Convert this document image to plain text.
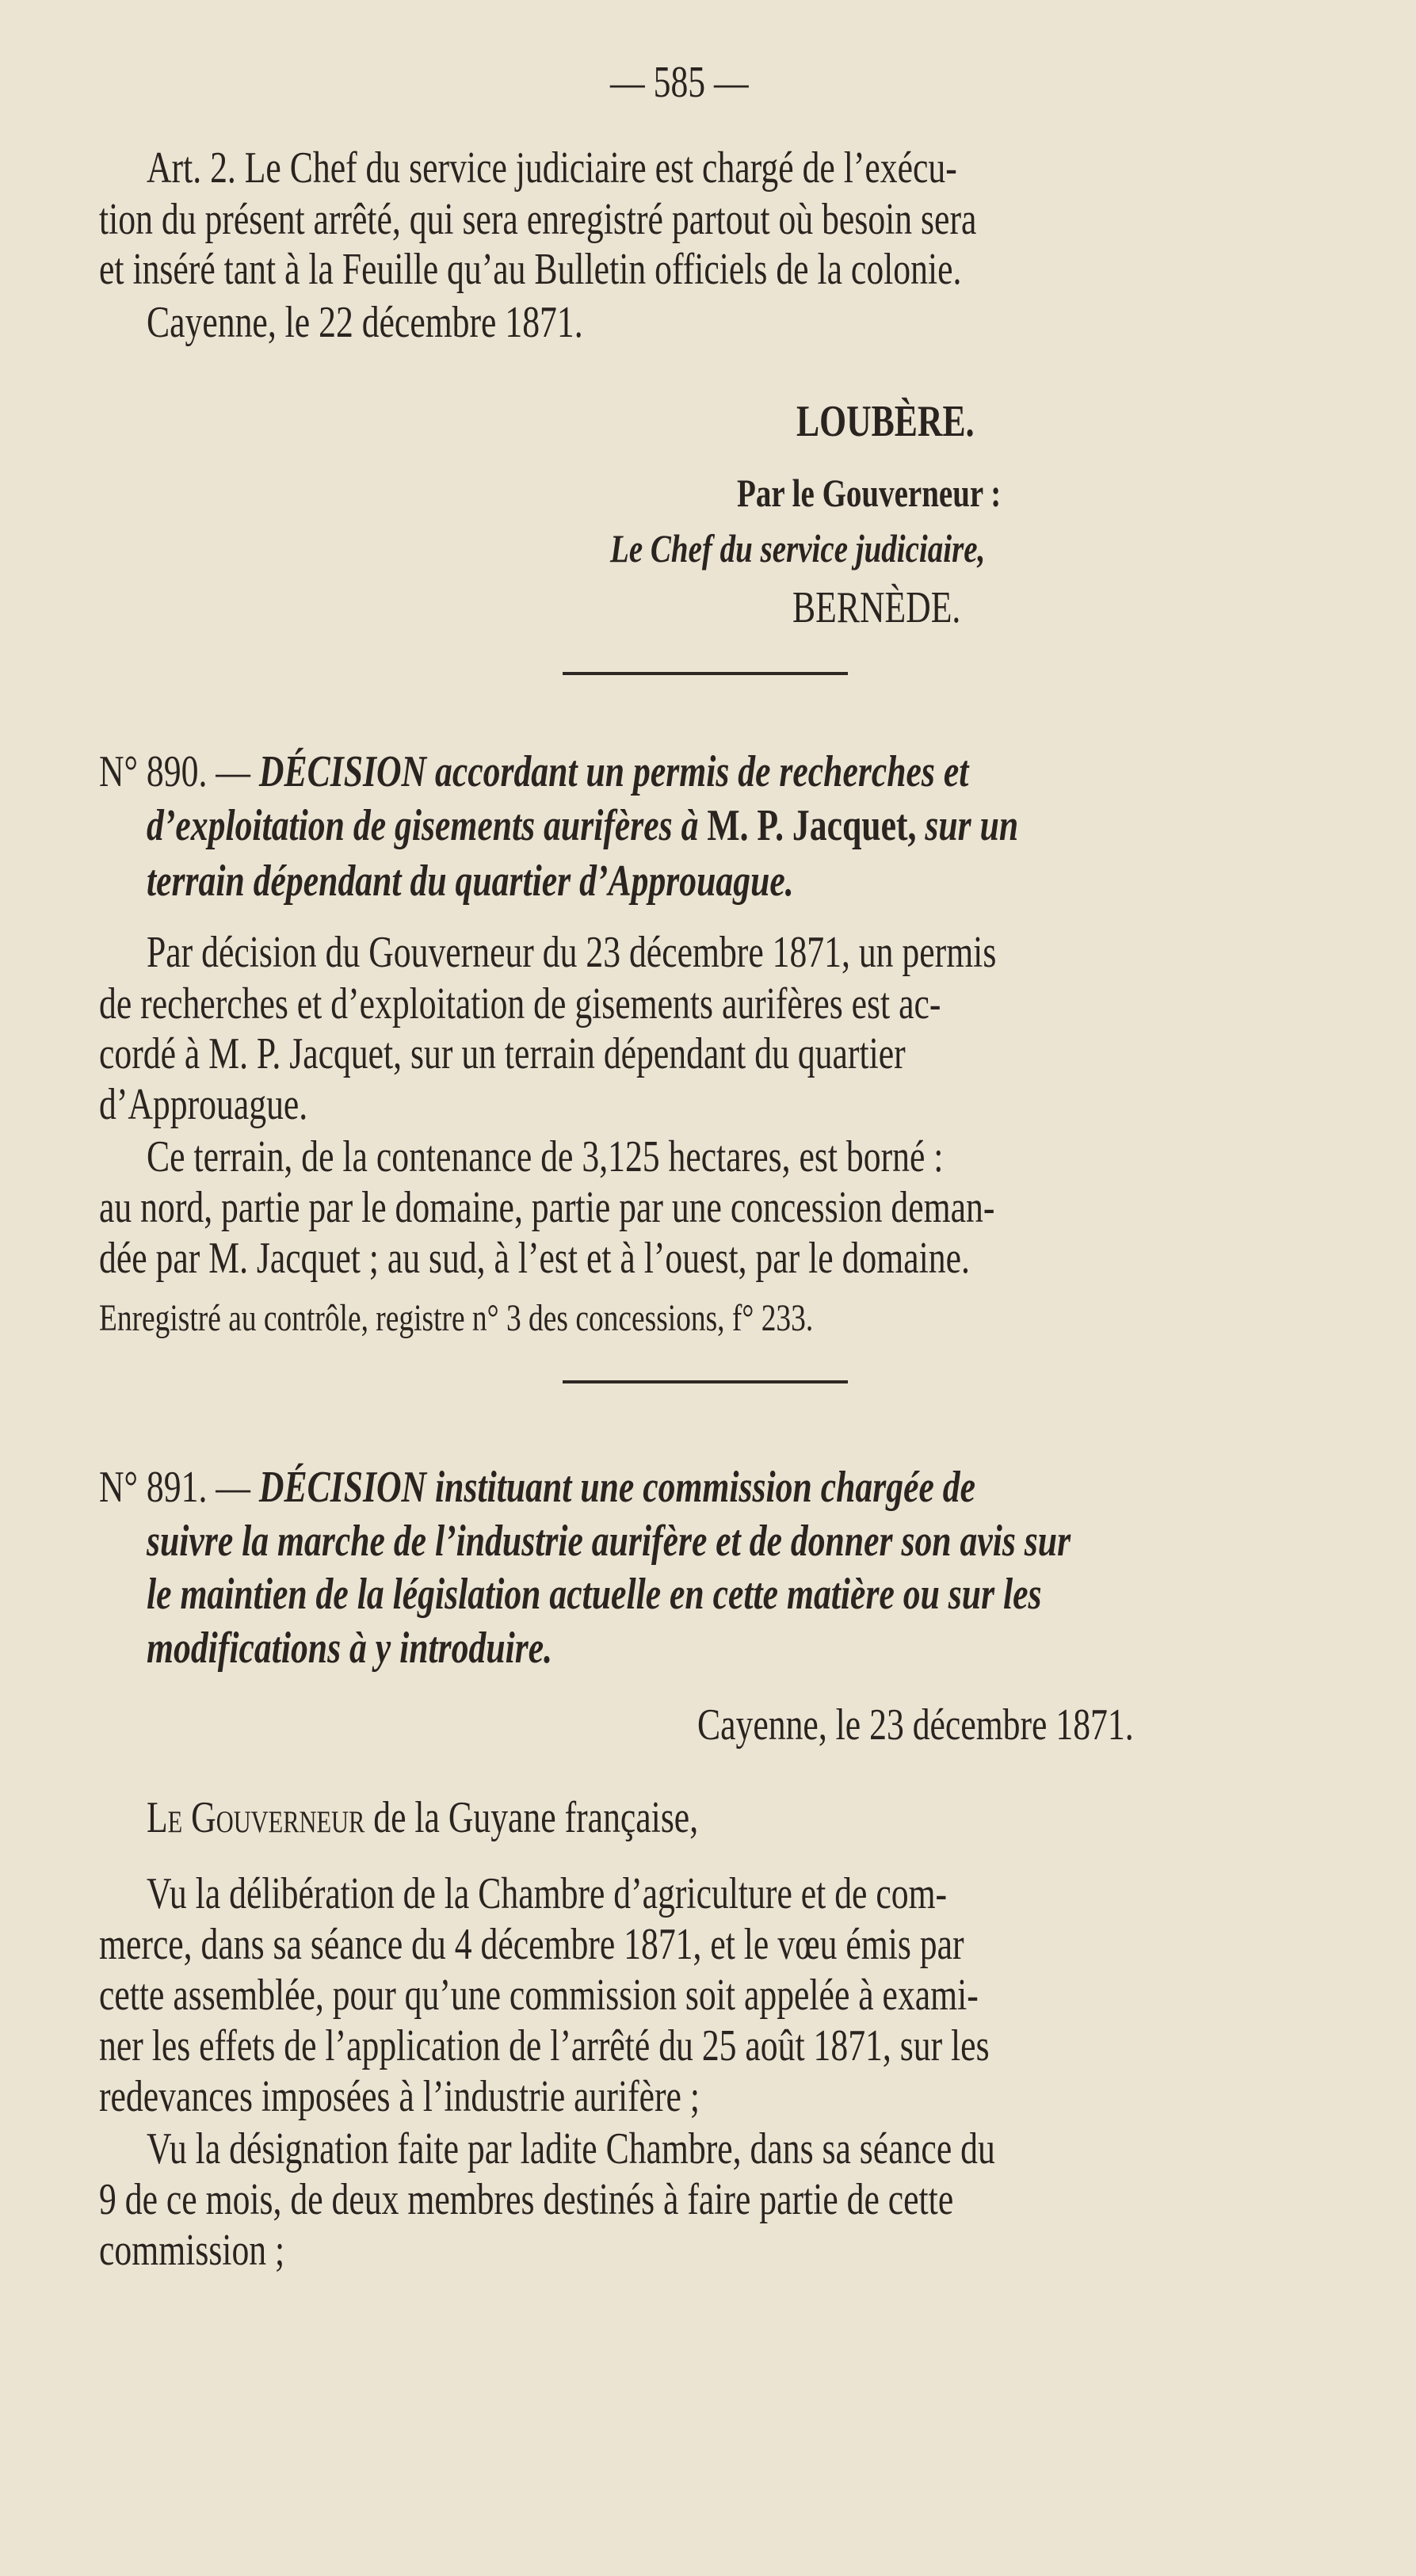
— 585 —
Art. 2. Le Chef du service judiciaire est chargé de l’exécu-
tion du présent arrêté, qui sera enregistré partout où besoin sera
et inséré tant à la Feuille qu’au Bulletin officiels de la colonie.
Cayenne, le 22 décembre 1871.
LOUBÈRE.
Par le Gouverneur :
Le Chef du service judiciaire,
BERNÈDE.
N° 890. — DÉCISION accordant un permis de recherches et
d’exploitation de gisements aurifères à M. P. Jacquet, sur un
terrain dépendant du quartier d’Approuague.
Par décision du Gouverneur du 23 décembre 1871, un permis
de recherches et d’exploitation de gisements aurifères est ac-
cordé à M. P. Jacquet, sur un terrain dépendant du quartier
d’Approuague.
Ce terrain, de la contenance de 3,125 hectares, est borné :
au nord, partie par le domaine, partie par une concession deman-
dée par M. Jacquet ; au sud, à l’est et à l’ouest, par le domaine.
Enregistré au contrôle, registre n° 3 des concessions, f° 233.
N° 891. — DÉCISION instituant une commission chargée de
suivre la marche de l’industrie aurifère et de donner son avis sur
le maintien de la législation actuelle en cette matière ou sur les
modifications à y introduire.
Cayenne, le 23 décembre 1871.
Le Gouverneur de la Guyane française,
Vu la délibération de la Chambre d’agriculture et de com-
merce, dans sa séance du 4 décembre 1871, et le vœu émis par
cette assemblée, pour qu’une commission soit appelée à exami-
ner les effets de l’application de l’arrêté du 25 août 1871, sur les
redevances imposées à l’industrie aurifère ;
Vu la désignation faite par ladite Chambre, dans sa séance du
9 de ce mois, de deux membres destinés à faire partie de cette
commission ;
